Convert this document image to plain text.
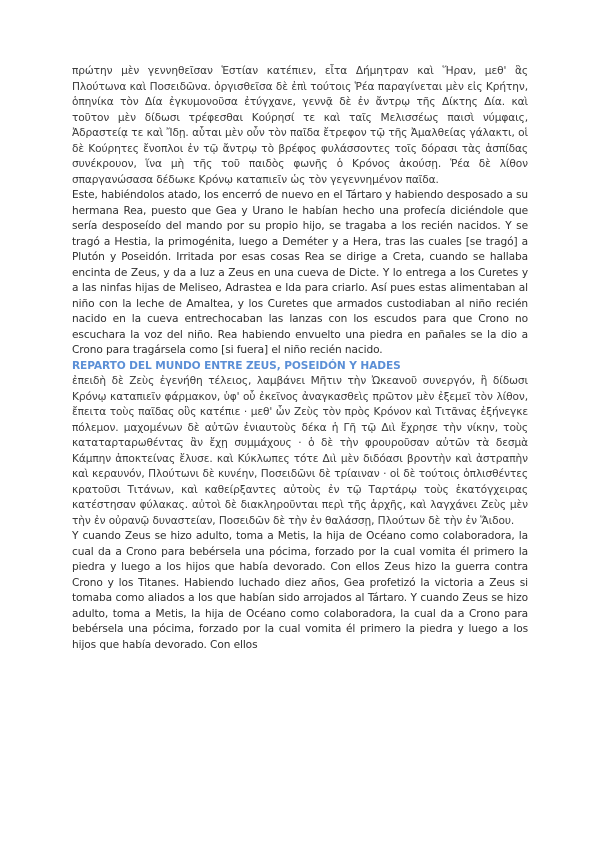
πρώτην μὲν γεννηθεῖσαν Ἑστίαν κατέπιεν, εἶτα Δήμητραν καὶ Ἥραν, μεθ' ἃς Πλούτωνα καὶ Ποσειδῶνα. ὀργισθεῖσα δὲ ἐπὶ τούτοις Ῥέα παραγίνεται μὲν εἰς Κρήτην, ὁπηνίκα τὸν Δία ἐγκυμονοῦσα ἐτύγχανε, γεννᾷ δὲ ἐν ἄντρῳ τῆς Δίκτης Δία. καὶ τοῦτον μὲν δίδωσι τρέφεσθαι Κούρησί τε καὶ ταῖς Μελισσέως παισὶ νύμφαις, Ἀδραστείᾳ τε καὶ Ἴδῃ. αὗται μὲν οὖν τὸν παῖδα ἔτρεφον τῷ τῆς Ἀμαλθείας γάλακτι, οἱ δὲ Κούρητες ἔνοπλοι ἐν τῷ ἄντρῳ τὸ βρέφος φυλάσσοντες τοῖς δόρασι τὰς ἀσπίδας συνέκρουον, ἵνα μὴ τῆς τοῦ παιδὸς φωνῆς ὁ Κρόνος ἀκούσῃ. Ῥέα δὲ λίθον σπαργανώσασα δέδωκε Κρόνῳ καταπιεῖν ὡς τὸν γεγεννημένον παῖδα.

Este, habiéndolos atado, los encerró de nuevo en el Tártaro y habiendo desposado a su hermana Rea, puesto que Gea y Urano le habían hecho una profecía diciéndole que sería desposeído del mando por su propio hijo, se tragaba a los recién nacidos. Y se tragó a Hestia, la primogénita, luego a Deméter y a Hera, tras las cuales [se tragó] a Plutón y Poseidón. Irritada por esas cosas Rea se dirige a Creta, cuando se hallaba encinta de Zeus, y da a luz a Zeus en una cueva de Dicte. Y lo entrega a los Curetes y a las ninfas hijas de Meliseo, Adrastea e Ida para criarlo. Así pues estas alimentaban al niño con la leche de Amaltea, y los Curetes que armados custodiaban al niño recién nacido en la cueva entrechocaban las lanzas con los escudos para que Crono no escuchara la voz del niño. Rea habiendo envuelto una piedra en pañales se la dio a Crono para tragársela como [si fuera] el niño recién nacido.

REPARTO DEL MUNDO ENTRE ZEUS, POSEIDÓN Y HADES

ἐπειδὴ δὲ Ζεὺς ἐγενήθη τέλειος, λαμβάνει Μῆτιν τὴν Ὠκεανοῦ συνεργόν, ἣ δίδωσι Κρόνῳ καταπιεῖν φάρμακον, ὑφ' οὗ ἐκεῖνος ἀναγκασθεὶς πρῶτον μὲν ἐξεμεῖ τὸν λίθον, ἔπειτα τοὺς παῖδας οὓς κατέπιε · μεθ' ὧν Ζεὺς τὸν πρὸς Κρόνον καὶ Τιτᾶνας ἐξήνεγκε πόλεμον. μαχομένων δὲ αὐτῶν ἐνιαυτοὺς δέκα ἡ Γῆ τῷ Διὶ ἔχρησε τὴν νίκην, τοὺς καταταρταρωθέντας ἂν ἔχῃ συμμάχους · ὁ δὲ τὴν φρουροῦσαν αὐτῶν τὰ δεσμὰ Κάμπην ἀποκτείνας ἔλυσε. καὶ Κύκλωπες τότε Διὶ μὲν διδόασι βροντὴν καὶ ἀστραπὴν καὶ κεραυνόν, Πλούτωνι δὲ κυνέην, Ποσειδῶνι δὲ τρίαιναν · οἱ δὲ τούτοις ὁπλισθέντες κρατοῦσι Τιτάνων, καὶ καθείρξαντες αὐτοὺς ἐν τῷ Ταρτάρῳ τοὺς ἑκατόγχειρας κατέστησαν φύλακας. αὐτοὶ δὲ διακληροῦνται περὶ τῆς ἀρχῆς, καὶ λαγχάνει Ζεὺς μὲν τὴν ἐν οὐρανῷ δυναστείαν, Ποσειδῶν δὲ τὴν ἐν θαλάσσῃ, Πλούτων δὲ τὴν ἐν Ἅιδου.

Y cuando Zeus se hizo adulto, toma a Metis, la hija de Océano como colaboradora, la cual da a Crono para bebérsela una pócima, forzado por la cual vomita él primero la piedra y luego a los hijos que había devorado. Con ellos Zeus hizo la guerra contra Crono y los Titanes. Habiendo luchado diez años, Gea profetizó la victoria a Zeus si tomaba como aliados a los que habían sido arrojados al Tártaro. Y cuando Zeus se hizo adulto, toma a Metis, la hija de Océano como colaboradora, la cual da a Crono para bebérsela una pócima, forzado por la cual vomita él primero la piedra y luego a los hijos que había devorado. Con ellos
